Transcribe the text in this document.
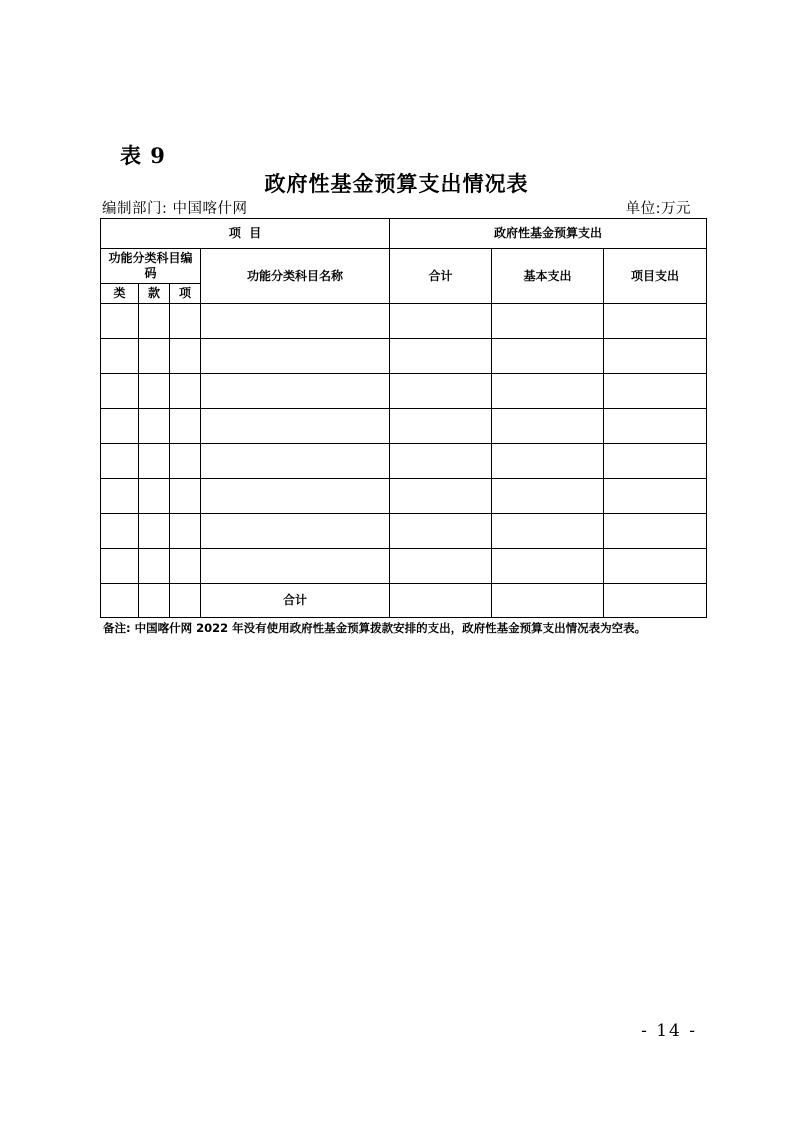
表 9
政府性基金预算支出情况表
编制部门: 中国喀什网	单位:万元
项  目				政府性基金预算支出		
功能分类科目编码			功能分类科目名称	合计	基本支出	项目支出
类	款	项				

			合计			
备注: 中国喀什网 2022 年没有使用政府性基金预算拨款安排的支出，政府性基金预算支出情况表为空表。
- 14 -
